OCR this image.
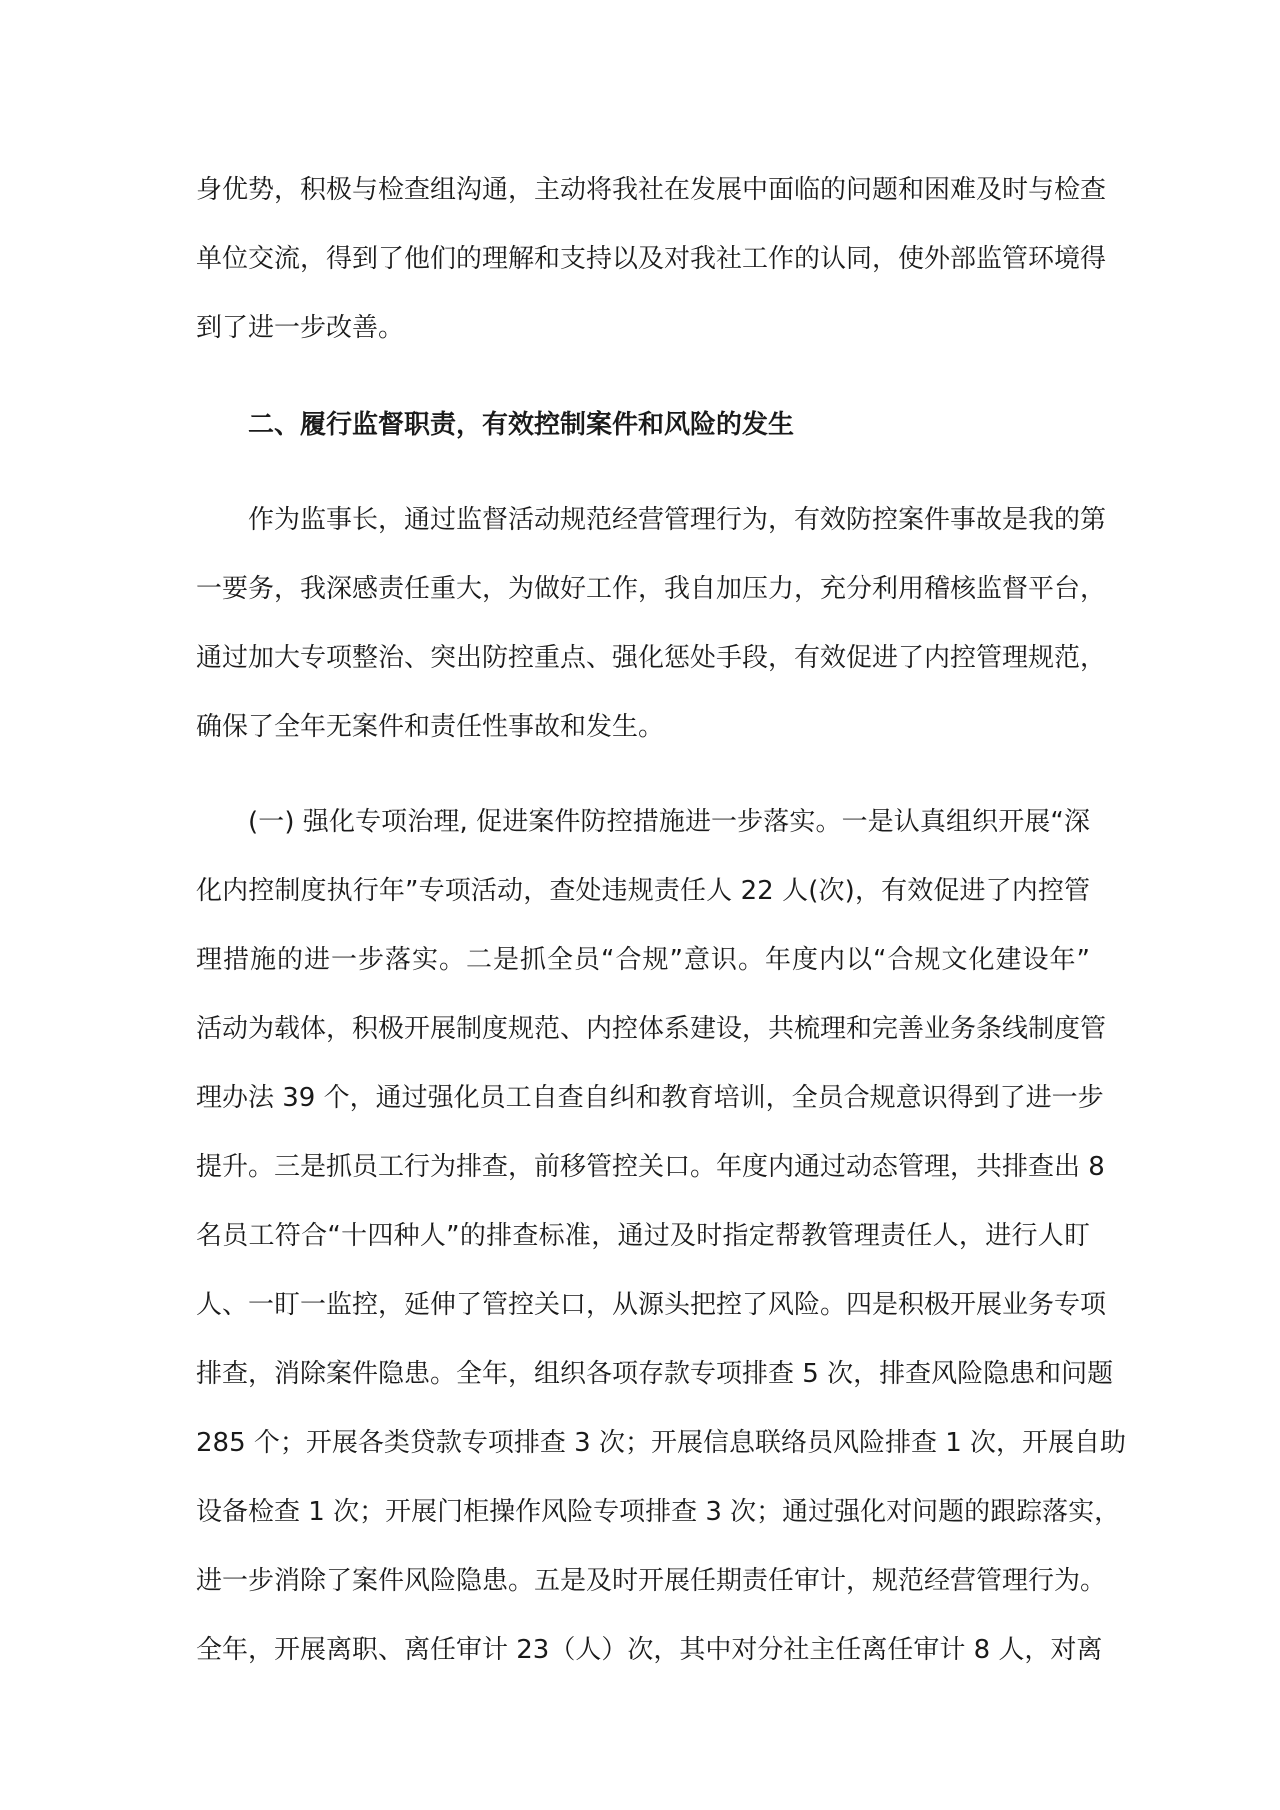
身优势，积极与检查组沟通，主动将我社在发展中面临的问题和困难及时与检查
单位交流，得到了他们的理解和支持以及对我社工作的认同，使外部监管环境得
到了进一步改善。
二、履行监督职责，有效控制案件和风险的发生
作为监事长，通过监督活动规范经营管理行为，有效防控案件事故是我的第
一要务，我深感责任重大，为做好工作，我自加压力，充分利用稽核监督平台，
通过加大专项整治、突出防控重点、强化惩处手段，有效促进了内控管理规范，
确保了全年无案件和责任性事故和发生。
(一) 强化专项治理, 促进案件防控措施进一步落实。一是认真组织开展“深
化内控制度执行年”专项活动，查处违规责任人 22 人(次)，有效促进了内控管
理措施的进一步落实。二是抓全员“合规”意识。年度内以“合规文化建设年”
活动为载体，积极开展制度规范、内控体系建设，共梳理和完善业务条线制度管
理办法 39 个，通过强化员工自查自纠和教育培训，全员合规意识得到了进一步
提升。三是抓员工行为排查，前移管控关口。年度内通过动态管理，共排查出 8
名员工符合“十四种人”的排查标准，通过及时指定帮教管理责任人，进行人盯
人、一盯一监控，延伸了管控关口，从源头把控了风险。四是积极开展业务专项
排查，消除案件隐患。全年，组织各项存款专项排查 5 次，排查风险隐患和问题
285 个；开展各类贷款专项排查 3 次；开展信息联络员风险排查 1 次，开展自助
设备检查 1 次；开展门柜操作风险专项排查 3 次；通过强化对问题的跟踪落实，
进一步消除了案件风险隐患。五是及时开展任期责任审计，规范经营管理行为。
全年，开展离职、离任审计 23（人）次，其中对分社主任离任审计 8 人，对离
